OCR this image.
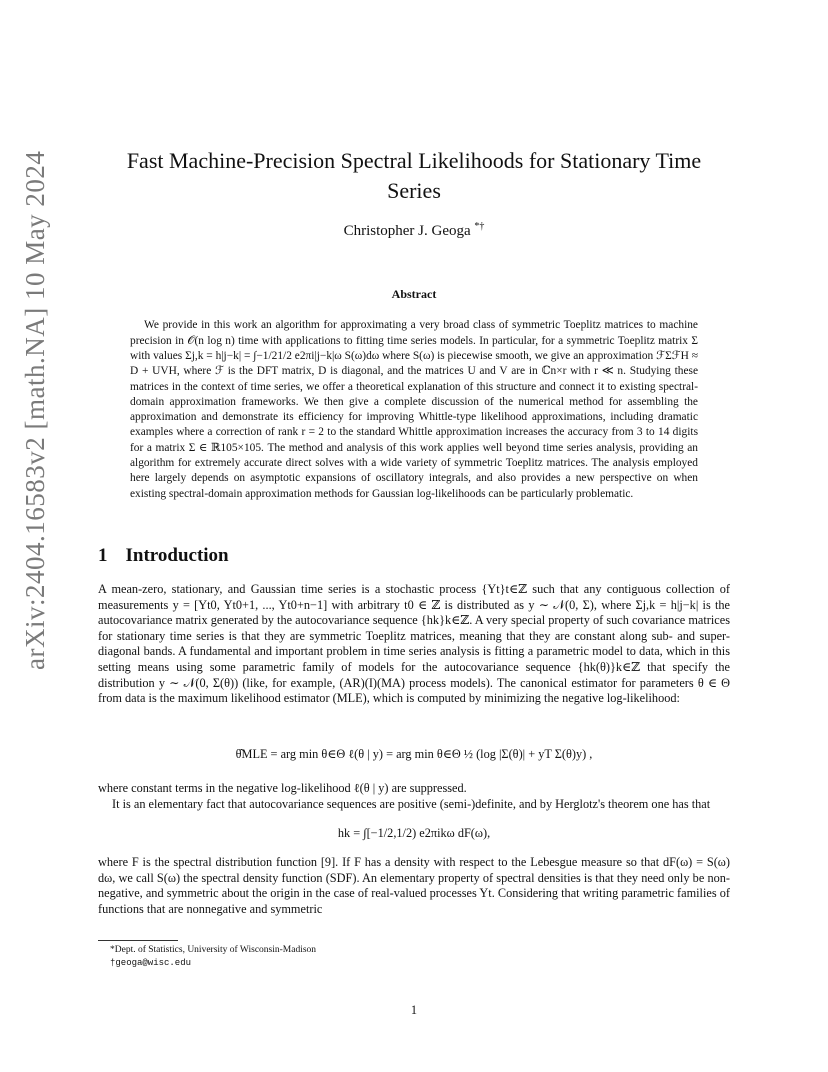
arXiv:2404.16583v2 [math.NA] 10 May 2024	Fast Machine-Precision Spectral Likelihoods for Stationary Time Series
Christopher J. Geoga *†
Abstract

We provide in this work an algorithm for approximating a very broad class of symmetric Toeplitz matrices to machine precision in 𝒪(n log n) time with applications to fitting time series models. In particular, for a symmetric Toeplitz matrix Σ with values Σj,k = h|j−k| = ∫−1/21/2 e2πi|j−k|ω S(ω)dω where S(ω) is piecewise smooth, we give an approximation ℱΣℱH ≈ D + UVH, where ℱ is the DFT matrix, D is diagonal, and the matrices U and V are in ℂn×r with r ≪ n. Studying these matrices in the context of time series, we offer a theoretical explanation of this structure and connect it to existing spectral-domain approximation frameworks. We then give a complete discussion of the numerical method for assembling the approximation and demonstrate its efficiency for improving Whittle-type likelihood approximations, including dramatic examples where a correction of rank r = 2 to the standard Whittle approximation increases the accuracy from 3 to 14 digits for a matrix Σ ∈ ℝ105×105. The method and analysis of this work applies well beyond time series analysis, providing an algorithm for extremely accurate direct solves with a wide variety of symmetric Toeplitz matrices. The analysis employed here largely depends on asymptotic expansions of oscillatory integrals, and also provides a new perspective on when existing spectral-domain approximation methods for Gaussian log-likelihoods can be particularly problematic.

1 Introduction

A mean-zero, stationary, and Gaussian time series is a stochastic process {Yt}t∈ℤ such that any contiguous collection of measurements y = [Yt0, Yt0+1, ..., Yt0+n−1] with arbitrary t0 ∈ ℤ is distributed as y ∼ 𝒩(0, Σ), where Σj,k = h|j−k| is the autocovariance matrix generated by the autocovariance sequence {hk}k∈ℤ. A very special property of such covariance matrices for stationary time series is that they are symmetric Toeplitz matrices, meaning that they are constant along sub- and super-diagonal bands. A fundamental and important problem in time series analysis is fitting a parametric model to data, which in this setting means using some parametric family of models for the autocovariance sequence {hk(θ)}k∈ℤ that specify the distribution y ∼ 𝒩(0, Σ(θ)) (like, for example, (AR)(I)(MA) process models). The canonical estimator for parameters θ ∈ Θ from data is the maximum likelihood estimator (MLE), which is computed by minimizing the negative log-likelihood:

θ̂MLE = arg min θ∈Θ ℓ(θ | y) = arg min θ∈Θ ½ (log |Σ(θ)| + yT Σ(θ)y) ,

where constant terms in the negative log-likelihood ℓ(θ | y) are suppressed.

It is an elementary fact that autocovariance sequences are positive (semi-)definite, and by Herglotz's theorem one has that

hk = ∫[−1/2,1/2) e2πikω dF(ω),

where F is the spectral distribution function [9]. If F has a density with respect to the Lebesgue measure so that dF(ω) = S(ω) dω, we call S(ω) the spectral density function (SDF). An elementary property of spectral densities is that they need only be non-negative, and symmetric about the origin in the case of real-valued processes Yt. Considering that writing parametric families of functions that are nonnegative and symmetric

*Dept. of Statistics, University of Wisconsin-Madison
†geoga@wisc.edu
1
